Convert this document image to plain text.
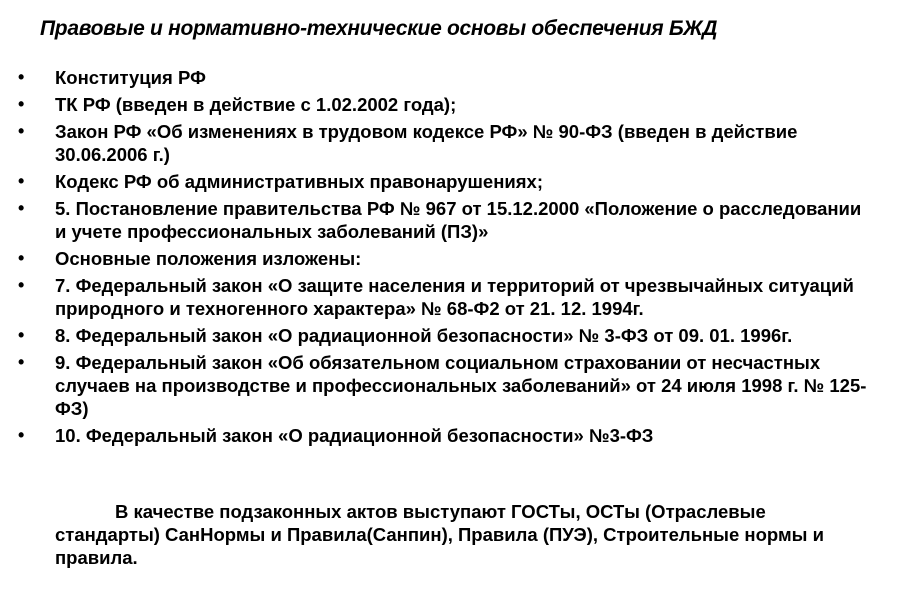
Правовые и нормативно-технические основы обеспечения БЖД
• Конституция РФ
• ТК РФ (введен в действие с 1.02.2002 года);
• Закон РФ «Об изменениях в трудовом кодексе РФ» № 90-ФЗ (введен в действие 30.06.2006 г.)
• Кодекс РФ об административных правонарушениях;
• 5. Постановление правительства РФ № 967 от 15.12.2000 «Положение о расследовании и учете профессиональных заболеваний (ПЗ)»
• Основные положения изложены:
• 7. Федеральный закон «О защите населения и территорий от чрезвычайных ситуаций природного и техногенного характера» № 68-Ф2 от 21. 12. 1994г.
• 8. Федеральный закон «О радиационной безопасности» № 3-ФЗ от 09. 01. 1996г.
• 9. Федеральный закон «Об обязательном социальном страховании от несчастных случаев на производстве и профессиональных заболеваний» от 24 июля 1998 г. № 125-ФЗ)
• 10. Федеральный закон «О радиационной безопасности» №3-ФЗ
В качестве подзаконных актов выступают ГОСТы, ОСТы (Отраслевые стандарты) СанНормы и Правила(Санпин), Правила (ПУЭ), Строительные нормы и правила.
